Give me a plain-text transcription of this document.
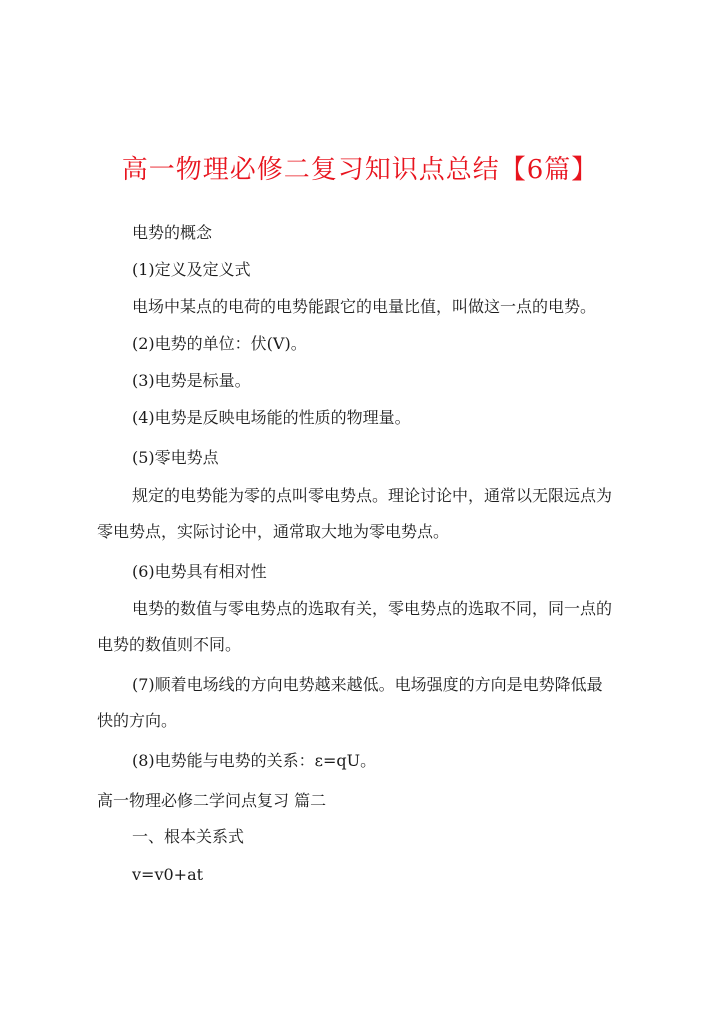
高一物理必修二复习知识点总结【6篇】
电势的概念
(1)定义及定义式
电场中某点的电荷的电势能跟它的电量比值，叫做这一点的电势。
(2)电势的单位：伏(V)。
(3)电势是标量。
(4)电势是反映电场能的性质的物理量。
(5)零电势点
规定的电势能为零的点叫零电势点。理论讨论中，通常以无限远点为
零电势点，实际讨论中，通常取大地为零电势点。
(6)电势具有相对性
电势的数值与零电势点的选取有关，零电势点的选取不同，同一点的
电势的数值则不同。
(7)顺着电场线的方向电势越来越低。电场强度的方向是电势降低最
快的方向。
(8)电势能与电势的关系：ε=qU。
高一物理必修二学问点复习 篇二
一、根本关系式
v=v0+at
